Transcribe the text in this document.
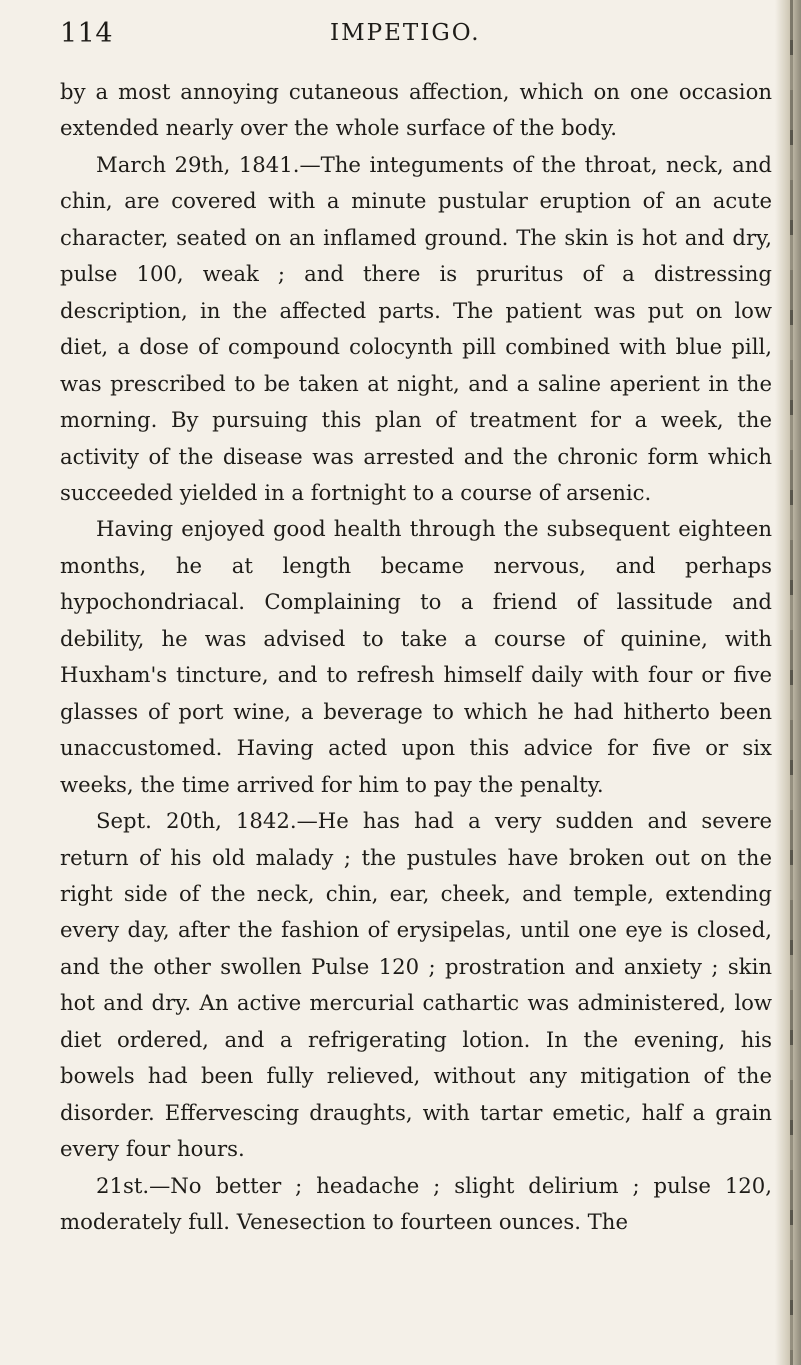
114	IMPETIGO.

by a most annoying cutaneous affection, which on one occasion extended nearly over the whole surface of the body.

March 29th, 1841.—The integuments of the throat, neck, and chin, are covered with a minute pustular eruption of an acute character, seated on an inflamed ground. The skin is hot and dry, pulse 100, weak ; and there is pruritus of a distressing description, in the affected parts. The patient was put on low diet, a dose of compound colocynth pill combined with blue pill, was prescribed to be taken at night, and a saline aperient in the morning. By pursuing this plan of treatment for a week, the activity of the disease was arrested and the chronic form which succeeded yielded in a fortnight to a course of arsenic.

Having enjoyed good health through the subsequent eighteen months, he at length became nervous, and perhaps hypochondriacal. Complaining to a friend of lassitude and debility, he was advised to take a course of quinine, with Huxham's tincture, and to refresh himself daily with four or five glasses of port wine, a beverage to which he had hitherto been unaccustomed. Having acted upon this advice for five or six weeks, the time arrived for him to pay the penalty.

Sept. 20th, 1842.—He has had a very sudden and severe return of his old malady ; the pustules have broken out on the right side of the neck, chin, ear, cheek, and temple, extending every day, after the fashion of erysipelas, until one eye is closed, and the other swollen Pulse 120 ; prostration and anxiety ; skin hot and dry. An active mercurial cathartic was administered, low diet ordered, and a refrigerating lotion. In the evening, his bowels had been fully relieved, without any mitigation of the disorder. Effervescing draughts, with tartar emetic, half a grain every four hours.

21st.—No better ; headache ; slight delirium ; pulse 120, moderately full. Venesection to fourteen ounces. The
